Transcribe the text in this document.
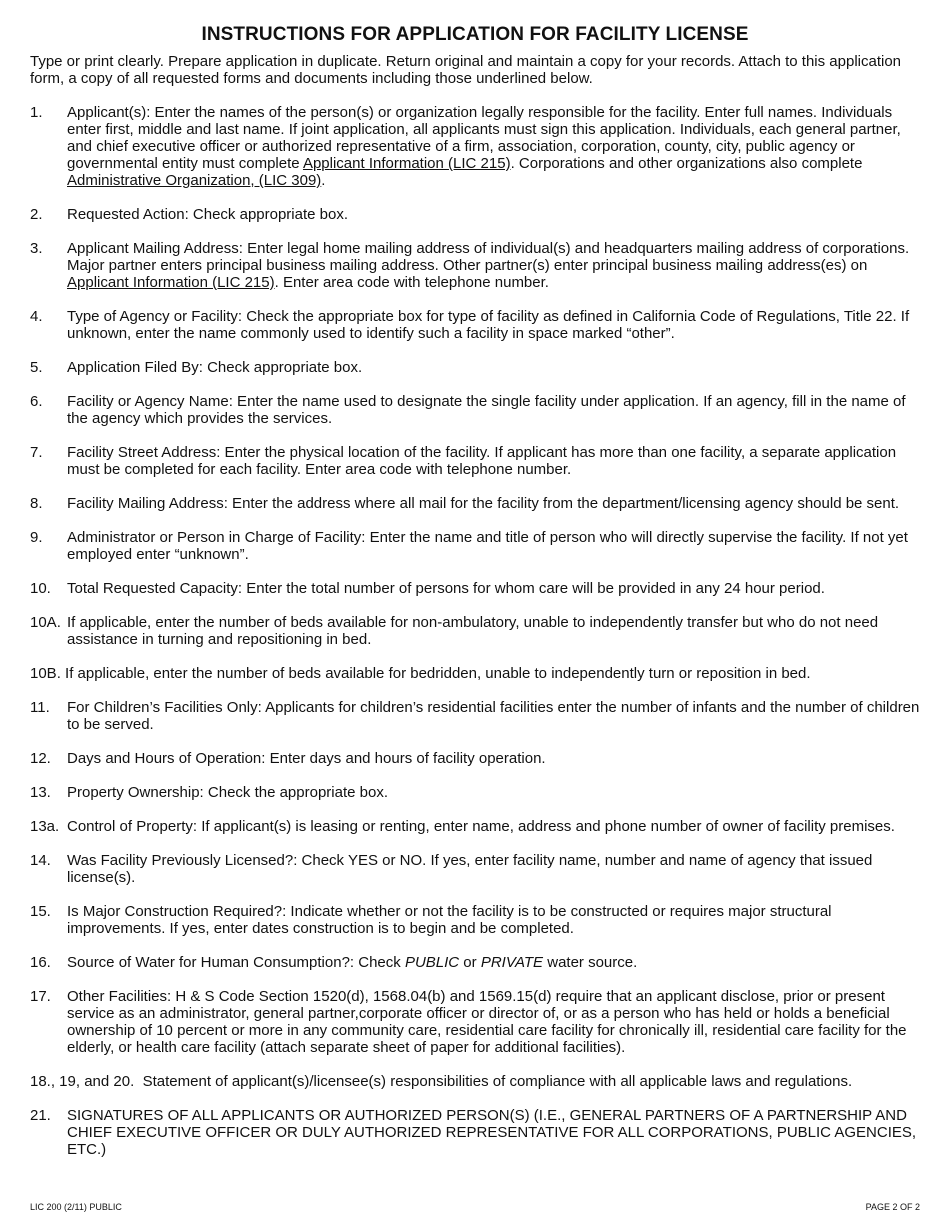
INSTRUCTIONS FOR APPLICATION FOR FACILITY LICENSE
Type or print clearly. Prepare application in duplicate. Return original and maintain a copy for your records. Attach to this application form, a copy of all requested forms and documents including those underlined below.
1. Applicant(s): Enter the names of the person(s) or organization legally responsible for the facility. Enter full names. Individuals enter first, middle and last name. If joint application, all applicants must sign this application. Individuals, each general partner, and chief executive officer or authorized representative of a firm, association, corporation, county, city, public agency or governmental entity must complete Applicant Information (LIC 215). Corporations and other organizations also complete Administrative Organization, (LIC 309).
2. Requested Action: Check appropriate box.
3. Applicant Mailing Address: Enter legal home mailing address of individual(s) and headquarters mailing address of corporations. Major partner enters principal business mailing address. Other partner(s) enter principal business mailing address(es) on Applicant Information (LIC 215). Enter area code with telephone number.
4. Type of Agency or Facility: Check the appropriate box for type of facility as defined in California Code of Regulations, Title 22. If unknown, enter the name commonly used to identify such a facility in space marked “other”.
5. Application Filed By: Check appropriate box.
6. Facility or Agency Name: Enter the name used to designate the single facility under application. If an agency, fill in the name of the agency which provides the services.
7. Facility Street Address: Enter the physical location of the facility. If applicant has more than one facility, a separate application must be completed for each facility. Enter area code with telephone number.
8. Facility Mailing Address: Enter the address where all mail for the facility from the department/licensing agency should be sent.
9. Administrator or Person in Charge of Facility: Enter the name and title of person who will directly supervise the facility. If not yet employed enter “unknown”.
10. Total Requested Capacity: Enter the total number of persons for whom care will be provided in any 24 hour period.
10A. If applicable, enter the number of beds available for non-ambulatory, unable to independently transfer but who do not need assistance in turning and repositioning in bed.
10B. If applicable, enter the number of beds available for bedridden, unable to independently turn or reposition in bed.
11. For Children’s Facilities Only: Applicants for children’s residential facilities enter the number of infants and the number of children to be served.
12. Days and Hours of Operation: Enter days and hours of facility operation.
13. Property Ownership: Check the appropriate box.
13a. Control of Property: If applicant(s) is leasing or renting, enter name, address and phone number of owner of facility premises.
14. Was Facility Previously Licensed?: Check YES or NO. If yes, enter facility name, number and name of agency that issued license(s).
15. Is Major Construction Required?: Indicate whether or not the facility is to be constructed or requires major structural improvements. If yes, enter dates construction is to begin and be completed.
16. Source of Water for Human Consumption?: Check PUBLIC or PRIVATE water source.
17. Other Facilities: H & S Code Section 1520(d), 1568.04(b) and 1569.15(d) require that an applicant disclose, prior or present service as an administrator, general partner,corporate officer or director of, or as a person who has held or holds a beneficial ownership of 10 percent or more in any community care, residential care facility for chronically ill, residential care facility for the elderly, or health care facility (attach separate sheet of paper for additional facilities).
18., 19, and 20. Statement of applicant(s)/licensee(s) responsibilities of compliance with all applicable laws and regulations.
21. SIGNATURES OF ALL APPLICANTS OR AUTHORIZED PERSON(S) (I.E., GENERAL PARTNERS OF A PARTNERSHIP AND CHIEF EXECUTIVE OFFICER OR DULY AUTHORIZED REPRESENTATIVE FOR ALL CORPORATIONS, PUBLIC AGENCIES, ETC.)
LIC 200 (2/11) PUBLIC	PAGE 2 OF 2
